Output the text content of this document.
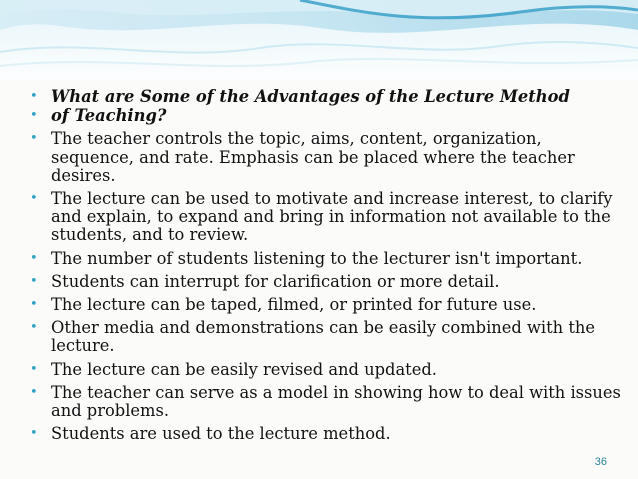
• What are Some of the Advantages of the Lecture Method
• of Teaching?
• The teacher controls the topic, aims, content, organization, sequence, and rate. Emphasis can be placed where the teacher desires.
• The lecture can be used to motivate and increase interest, to clarify and explain, to expand and bring in information not available to the students, and to review.
• The number of students listening to the lecturer isn't important.
• Students can interrupt for clarification or more detail.
• The lecture can be taped, filmed, or printed for future use.
• Other media and demonstrations can be easily combined with the lecture.
• The lecture can be easily revised and updated.
• The teacher can serve as a model in showing how to deal with issues and problems.
• Students are used to the lecture method.
36
